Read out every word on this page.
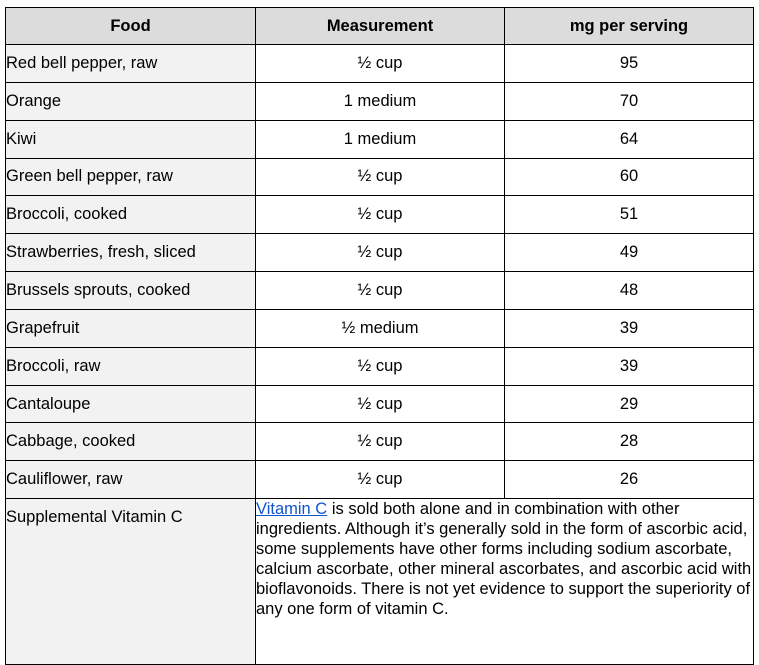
Food	Measurement	mg per serving
Red bell pepper, raw	½ cup	95
Orange	1 medium	70
Kiwi	1 medium	64
Green bell pepper, raw	½ cup	60
Broccoli, cooked	½ cup	51
Strawberries, fresh, sliced	½ cup	49
Brussels sprouts, cooked	½ cup	48
Grapefruit	½ medium	39
Broccoli, raw	½ cup	39
Cantaloupe	½ cup	29
Cabbage, cooked	½ cup	28
Cauliflower, raw	½ cup	26
Supplemental Vitamin C	Vitamin C is sold both alone and in combination with other ingredients. Although it’s generally sold in the form of ascorbic acid, some supplements have other forms including sodium ascorbate, calcium ascorbate, other mineral ascorbates, and ascorbic acid with bioflavonoids. There is not yet evidence to support the superiority of any one form of vitamin C.	
